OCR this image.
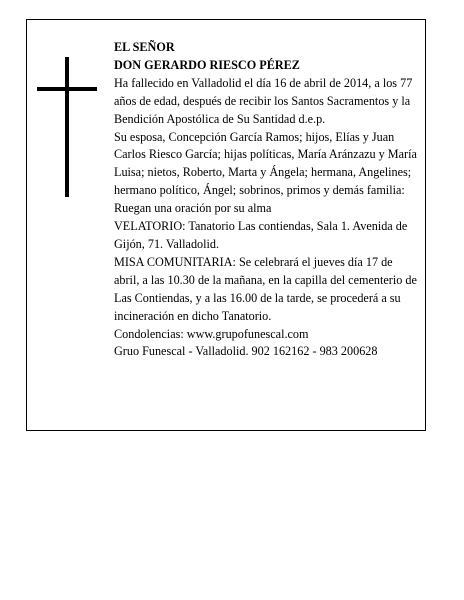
EL SEÑOR

DON GERARDO RIESCO PÉREZ

Ha fallecido en Valladolid el día 16 de abril de 2014, a los 77 años de edad, después de recibir los Santos Sacramentos y la Bendición Apostólica de Su Santidad d.e.p.

Su esposa, Concepción García Ramos; hijos, Elías y Juan Carlos Riesco García; hijas políticas, María Aránzazu y María Luisa; nietos, Roberto, Marta y Ángela; hermana, Angelines; hermano político, Ángel; sobrinos, primos y demás familia:

Ruegan una oración por su alma

VELATORIO: Tanatorio Las contiendas, Sala 1. Avenida de Gijón, 71. Valladolid.

MISA COMUNITARIA: Se celebrará el jueves día 17 de abril, a las 10.30 de la mañana, en la capilla del cementerio de Las Contiendas, y a las 16.00 de la tarde, se procederá a su incineración en dicho Tanatorio.

Condolencias: www.grupofunescal.com

Gruo Funescal - Valladolid. 902 162162 - 983 200628
